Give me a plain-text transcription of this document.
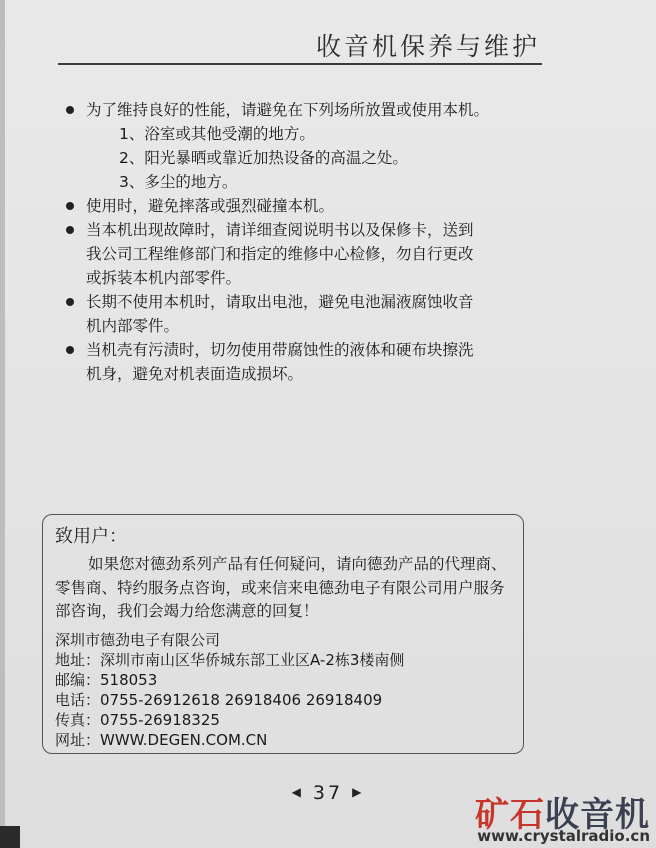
收音机保养与维护
为了维持良好的性能，请避免在下列场所放置或使用本机。
1、浴室或其他受潮的地方。
2、阳光暴晒或靠近加热设备的高温之处。
3、多尘的地方。
使用时，避免摔落或强烈碰撞本机。
当本机出现故障时，请详细查阅说明书以及保修卡，送到
我公司工程维修部门和指定的维修中心检修，勿自行更改
或拆装本机内部零件。
长期不使用本机时，请取出电池，避免电池漏液腐蚀收音
机内部零件。
当机壳有污渍时，切勿使用带腐蚀性的液体和硬布块擦洗
机身，避免对机表面造成损坏。
致用户：
如果您对德劲系列产品有任何疑问，请向德劲产品的代理商、零售商、特约服务点咨询，或来信来电德劲电子有限公司用户服务部咨询，我们会竭力给您满意的回复！
深圳市德劲电子有限公司
地址：深圳市南山区华侨城东部工业区A-2栋3楼南侧
邮编：518053
电话：0755-26912618 26918406 26918409
传真：0755-26918325
网址：WWW.DEGEN.COM.CN
◀ 37 ▶
矿石收音机
www.crystalradio.cn
